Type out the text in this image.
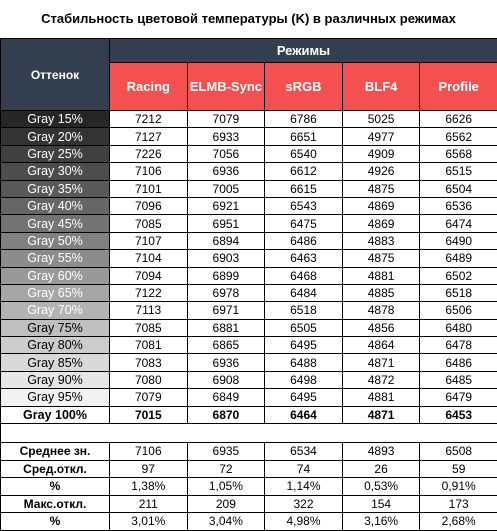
Стабильность цветовой температуры (K) в различных режимах
Оттенок	Режимы				
	Racing	ELMB-Sync	sRGB	BLF4	Profile
Gray 15%	7212	7079	6786	5025	6626
Gray 20%	7127	6933	6651	4977	6562
Gray 25%	7226	7056	6540	4909	6568
Gray 30%	7106	6936	6612	4926	6515
Gray 35%	7101	7005	6615	4875	6504
Gray 40%	7096	6921	6543	4869	6536
Gray 45%	7085	6951	6475	4869	6474
Gray 50%	7107	6894	6486	4883	6490
Gray 55%	7104	6903	6463	4875	6489
Gray 60%	7094	6899	6468	4881	6502
Gray 65%	7122	6978	6484	4885	6518
Gray 70%	7113	6971	6518	4878	6506
Gray 75%	7085	6881	6505	4856	6480
Gray 80%	7081	6865	6495	4864	6478
Gray 85%	7083	6936	6488	4871	6486
Gray 90%	7080	6908	6498	4872	6485
Gray 95%	7079	6849	6495	4881	6479
Gray 100%	7015	6870	6464	4871	6453

Среднее зн.	7106	6935	6534	4893	6508
Сред.откл.	97	72	74	26	59
%	1,38%	1,05%	1,14%	0,53%	0,91%
Макс.откл.	211	209	322	154	173
%	3,01%	3,04%	4,98%	3,16%	2,68%
